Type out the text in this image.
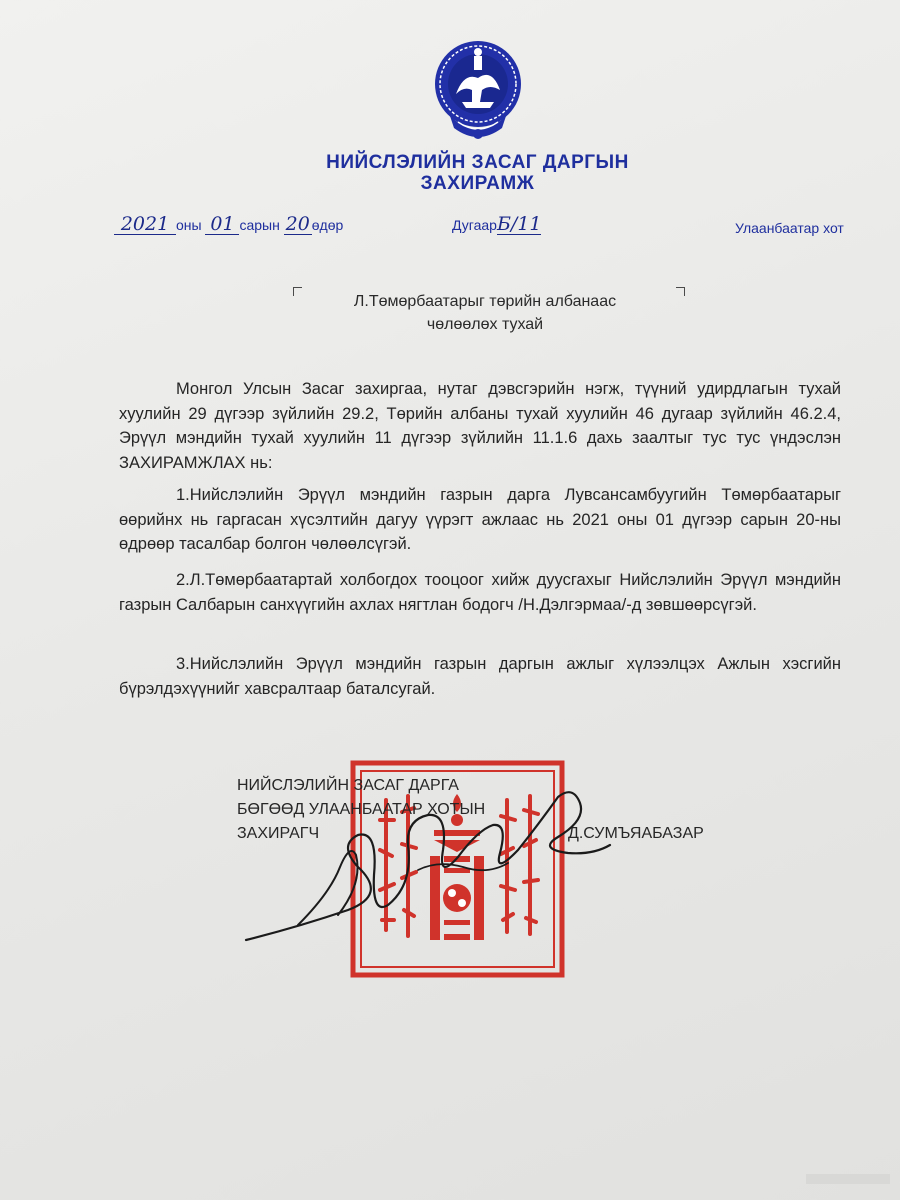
НИЙСЛЭЛИЙН ЗАСАГ ДАРГЫН
ЗАХИРАМЖ
2021 оны 01 сарын 20 өдөр	ДугаарБ/11	Улаанбаатар хот
Л.Төмөрбаатарыг төрийн албанаас
чөлөөлөх тухай
Монгол Улсын Засаг захиргаа, нутаг дэвсгэрийн нэгж, түүний удирдлагын тухай хуулийн 29 дүгээр зүйлийн 29.2, Төрийн албаны тухай хуулийн 46 дугаар зүйлийн 46.2.4, Эрүүл мэндийн тухай хуулийн 11 дүгээр зүйлийн 11.1.6 дахь заалтыг тус тус үндэслэн ЗАХИРАМЖЛАХ нь:
1.Нийслэлийн Эрүүл мэндийн газрын дарга Лувсансамбуугийн Төмөрбаатарыг өөрийнх нь гаргасан хүсэлтийн дагуу үүрэгт ажлаас нь 2021 оны 01 дүгээр сарын 20-ны өдрөөр тасалбар болгон чөлөөлсүгэй.
2.Л.Төмөрбаатартай холбогдох тооцоог хийж дуусгахыг Нийслэлийн Эрүүл мэндийн газрын Салбарын санхүүгийн ахлах нягтлан бодогч /Н.Дэлгэрмаа/-д зөвшөөрсүгэй.
3.Нийслэлийн Эрүүл мэндийн газрын даргын ажлыг хүлээлцэх Ажлын хэсгийн бүрэлдэхүүнийг хавсралтаар баталсугай.
НИЙСЛЭЛИЙН ЗАСАГ ДАРГА
БӨГӨӨД УЛААНБААТАР ХОТЫН
ЗАХИРАГЧ	Д.СУМЪЯАБАЗАР
